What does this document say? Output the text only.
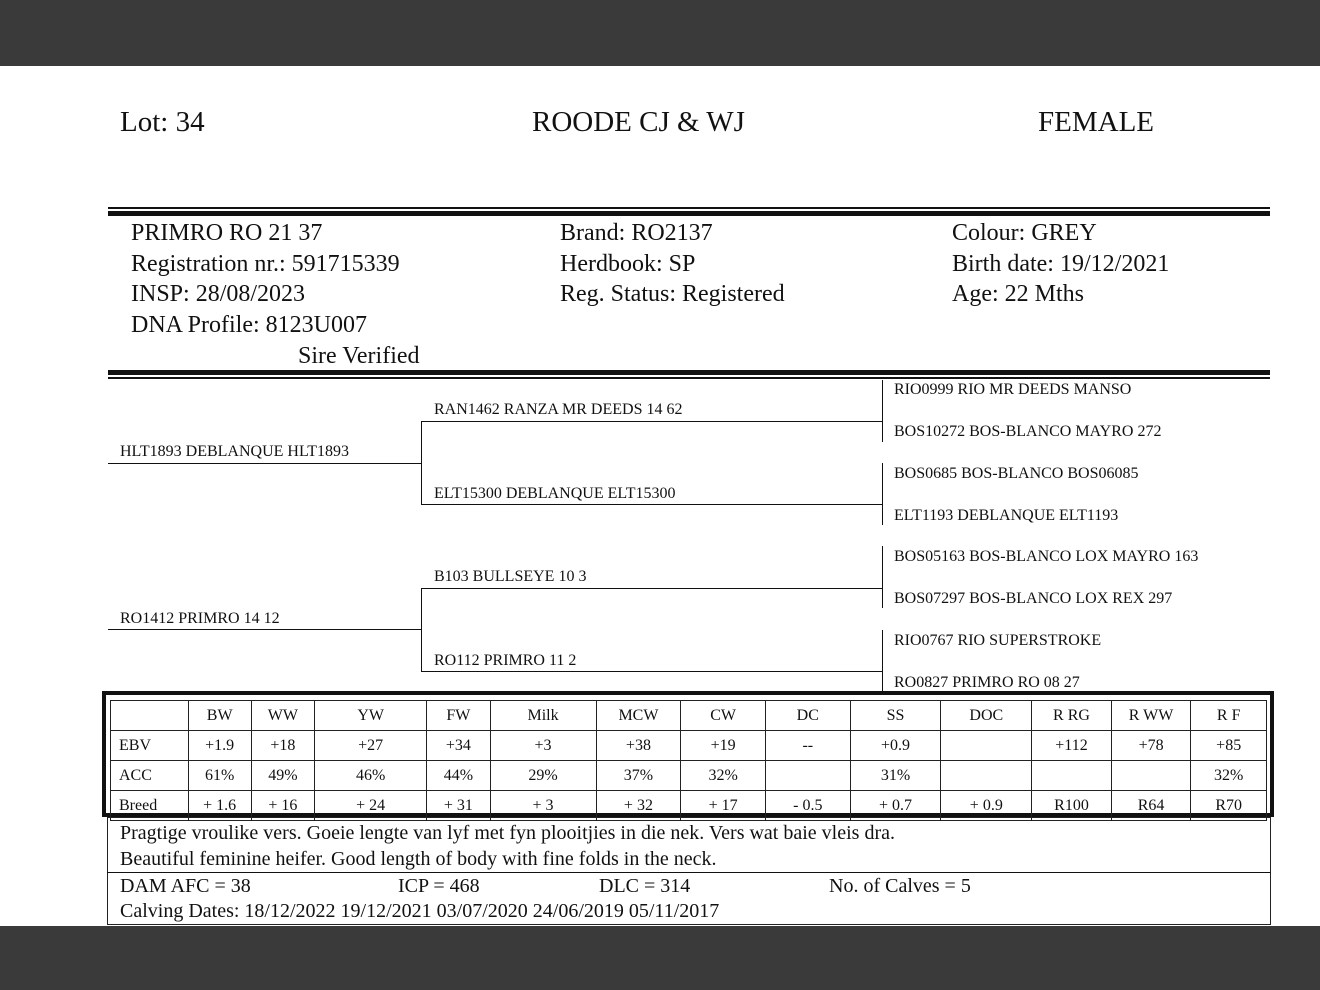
Lot: 34	ROODE CJ & WJ	FEMALE
PRIMRO RO 21 37
Registration nr.: 591715339
INSP: 28/08/2023
DNA Profile: 8123U007
Sire Verified
Brand: RO2137
Herdbook: SP
Reg. Status: Registered
Colour: GREY
Birth date: 19/12/2021
Age: 22 Mths
HLT1893 DEBLANQUE HLT1893
RO1412 PRIMRO 14 12
RAN1462 RANZA MR DEEDS 14 62
ELT15300 DEBLANQUE ELT15300
B103 BULLSEYE 10 3
RO112 PRIMRO 11 2
RIO0999 RIO MR DEEDS MANSO
BOS10272 BOS-BLANCO MAYRO 272
BOS0685 BOS-BLANCO BOS06085
ELT1193 DEBLANQUE ELT1193
BOS05163 BOS-BLANCO LOX MAYRO 163
BOS07297 BOS-BLANCO LOX REX 297
RIO0767 RIO SUPERSTROKE
RO0827 PRIMRO RO 08 27
	BW	WW	YW	FW	Milk	MCW	CW	DC	SS	DOC	R RG	R WW	R F
EBV	+1.9	+18	+27	+34	+3	+38	+19	--	+0.9		+112	+78	+85
ACC	61%	49%	46%	44%	29%	37%	32%		31%				32%
Breed	+ 1.6	+ 16	+ 24	+ 31	+ 3	+ 32	+ 17	- 0.5	+ 0.7	+ 0.9	R100	R64	R70
Pragtige vroulike vers. Goeie lengte van lyf met fyn plooitjies in die nek. Vers wat baie vleis dra.
Beautiful feminine heifer. Good length of body with fine folds in the neck.
DAM AFC = 38	ICP = 468	DLC = 314	No. of Calves = 5
Calving Dates: 18/12/2022 19/12/2021 03/07/2020 24/06/2019 05/11/2017
